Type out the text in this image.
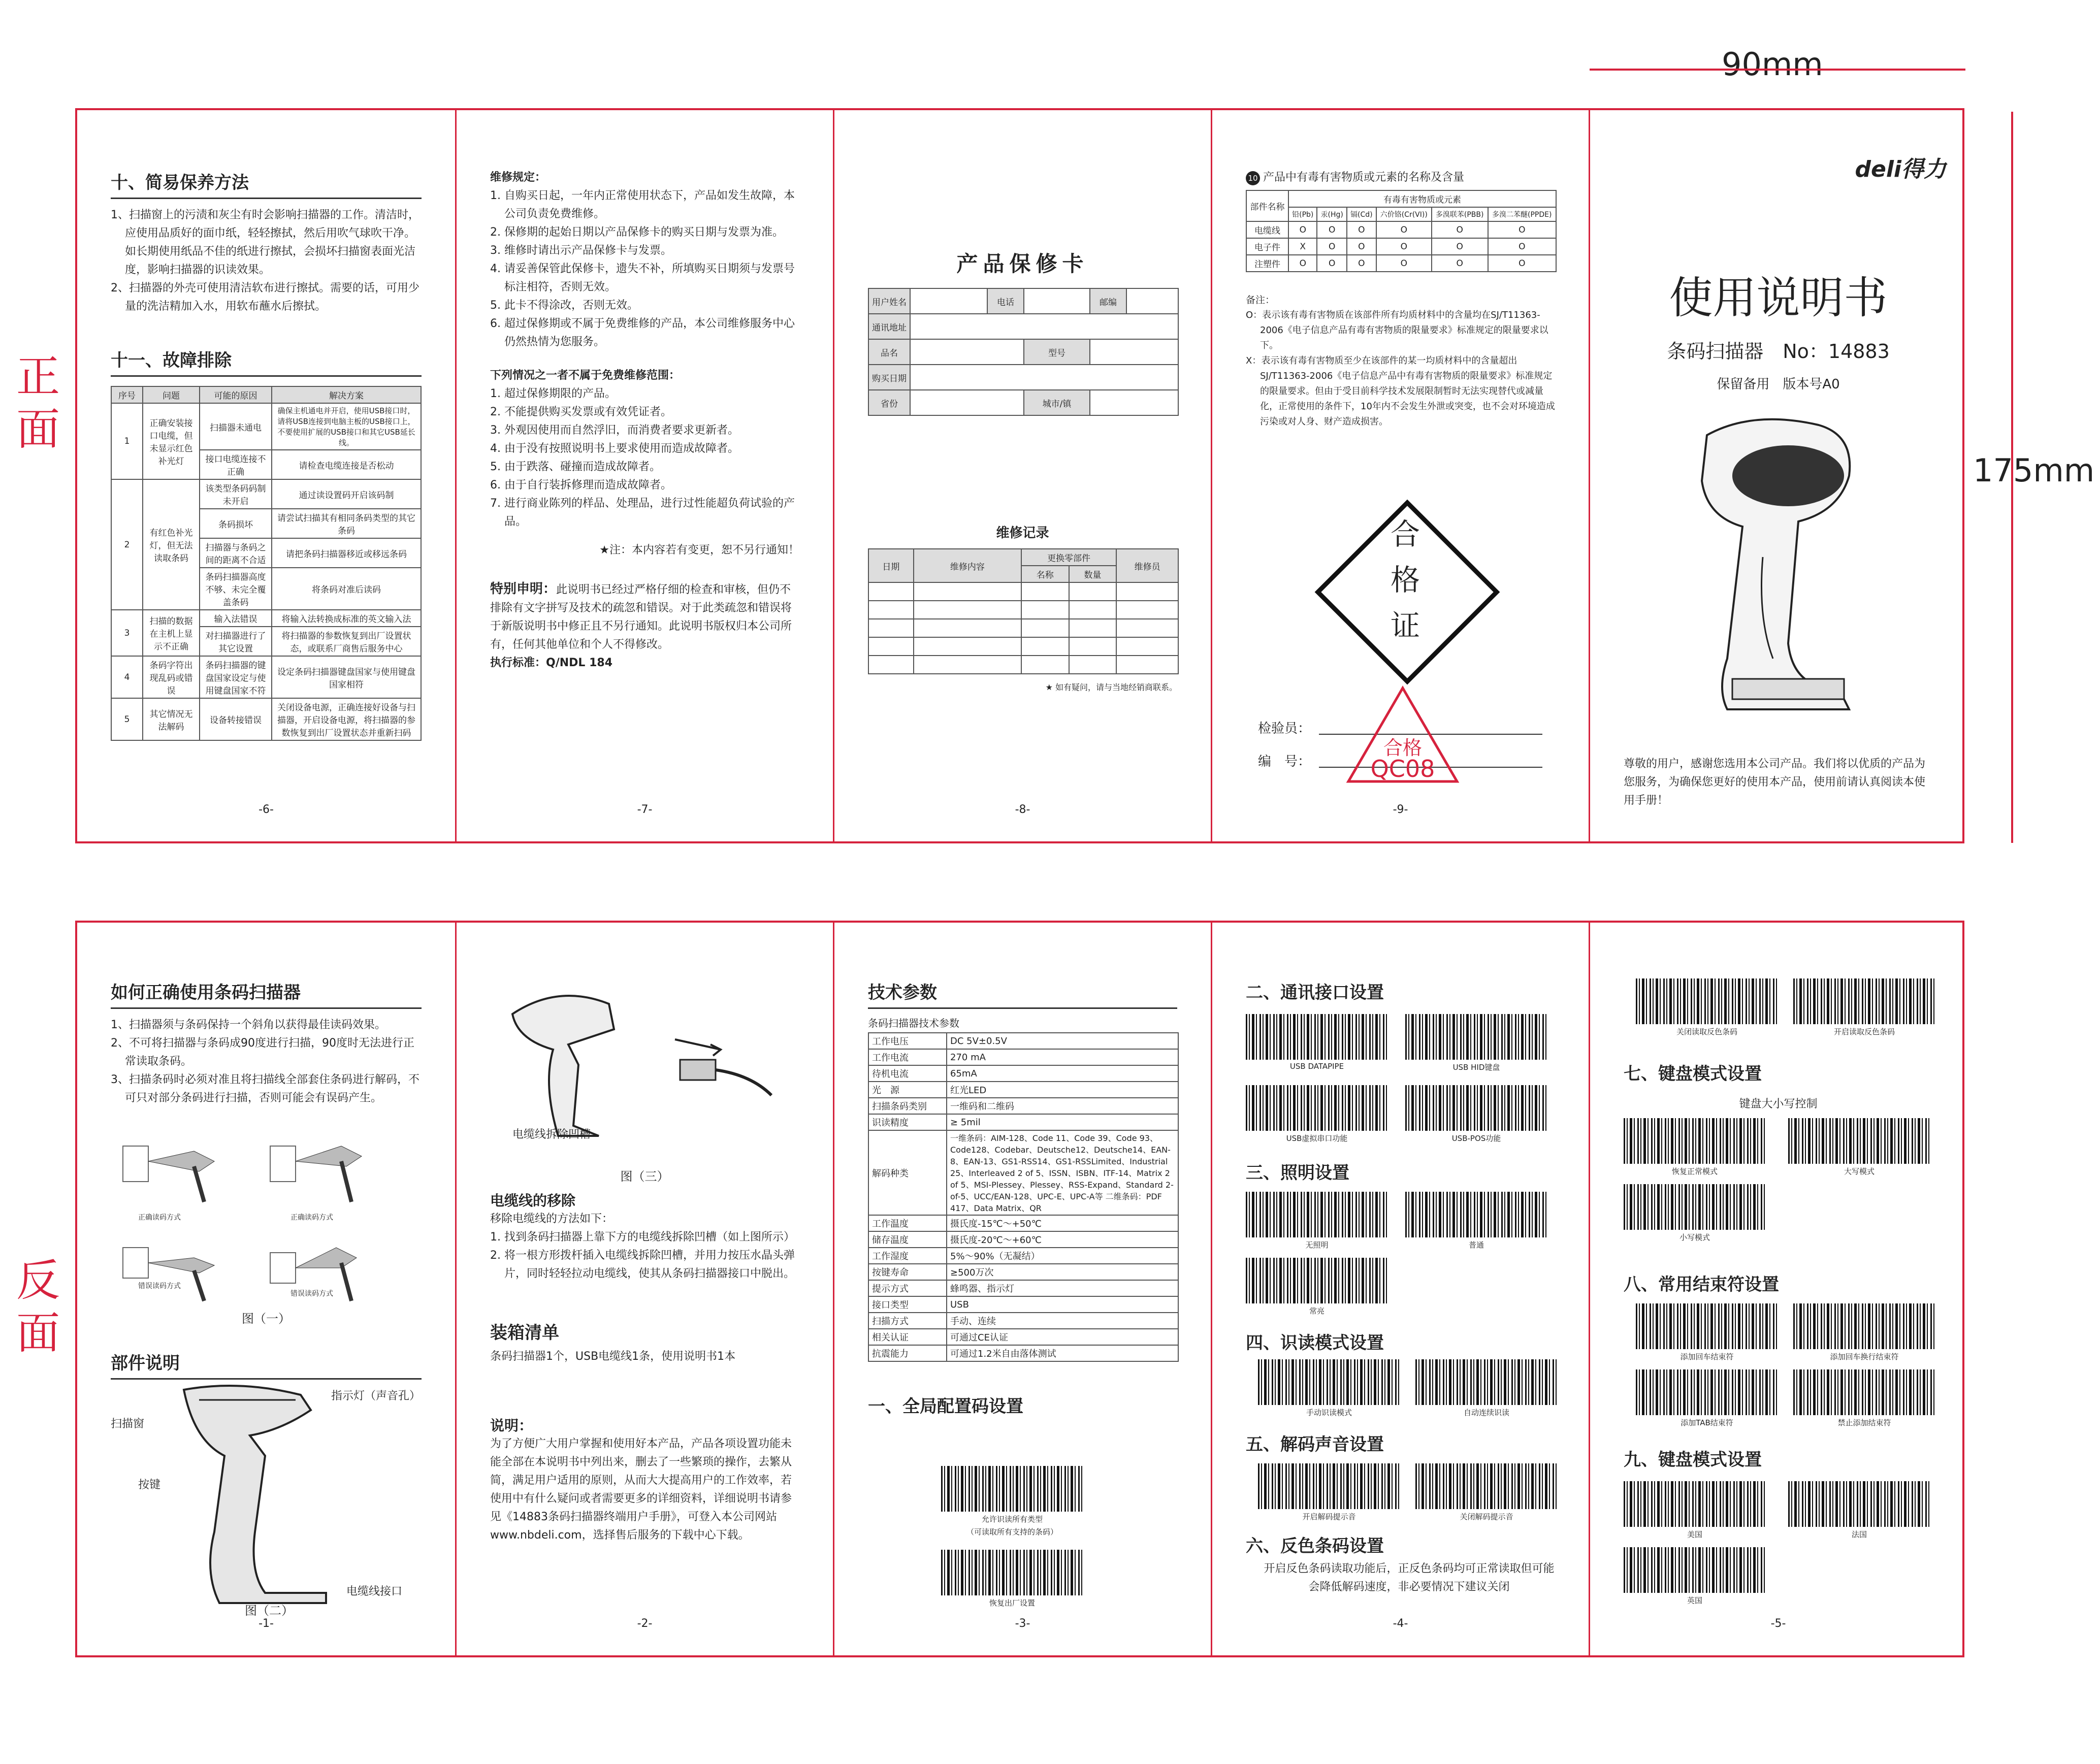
90mm
175mm
正面
反面
十、简易保养方法

1、扫描窗上的污渍和灰尘有时会影响扫描器的工作。清洁时，应使用品质好的面巾纸，轻轻擦拭，然后用吹气球吹干净。如长期使用纸品不佳的纸进行擦拭，会损坏扫描窗表面光洁度，影响扫描器的识读效果。

2、扫描器的外壳可使用清洁软布进行擦拭。需要的话，可用少量的洗洁精加入水，用软布蘸水后擦拭。

十一、故障排除
序号	问题	可能的原因	解决方案
1	正确安装接口电缆，但未显示红色补光灯	扫描器未通电	确保主机通电并开启，使用USB接口时，请将USB连接到电脑主板的USB接口上，不要使用扩展的USB接口和其它USB延长线。
		接口电缆连接不正确	请检查电缆连接是否松动
2	有红色补光灯，但无法读取条码	该类型条码码制未开启	通过读设置码开启该码制
		条码损坏	请尝试扫描其有相同条码类型的其它条码
		扫描器与条码之间的距离不合适	请把条码扫描器移近或移远条码
		条码扫描器高度不够、未完全覆盖条码	将条码对准后读码
3	扫描的数据在主机上显示不正确	输入法错误	将输入法转换成标准的英文输入法
		对扫描器进行了其它设置	将扫描器的参数恢复到出厂设置状态，或联系厂商售后服务中心
4	条码字符出现乱码或错误	条码扫描器的键盘国家设定与使用键盘国家不符	设定条码扫描器键盘国家与使用键盘国家相符
5	其它情况无法解码	设备转接错误	关闭设备电源，正确连接好设备与扫描器，开启设备电源，将扫描器的参数恢复到出厂设置状态并重新扫码
-6-

维修规定：

1. 自购买日起，一年内正常使用状态下，产品如发生故障，本公司负责免费维修。

2. 保修期的起始日期以产品保修卡的购买日期与发票为准。

3. 维修时请出示产品保修卡与发票。

4. 请妥善保管此保修卡，遗失不补，所填购买日期须与发票号标注相符，否则无效。

5. 此卡不得涂改，否则无效。

6. 超过保修期或不属于免费维修的产品，本公司维修服务中心仍然热情为您服务。

下列情况之一者不属于免费维修范围：

1. 超过保修期限的产品。

2. 不能提供购买发票或有效凭证者。

3. 外观因使用而自然浮旧，而消费者要求更新者。

4. 由于没有按照说明书上要求使用而造成故障者。

5. 由于跌落、碰撞而造成故障者。

6. 由于自行装拆修理而造成故障者。

7. 进行商业陈列的样品、处理品，进行过性能超负荷试验的产品。

★注：本内容若有变更，恕不另行通知！

特别申明：此说明书已经过严格仔细的检查和审核，但仍不排除有文字拼写及技术的疏忽和错误。对于此类疏忽和错误将于新版说明书中修正且不另行通知。此说明书版权归本公司所有，任何其他单位和个人不得修改。

执行标准：Q/NDL 184

-7-
产品保修卡
用户姓名		电话		邮编	
通讯地址					
品名			型号		
购买日期					
省份			城市/镇		
维修记录
日期	维修内容	更换零部件		维修员
		名称	数量	

★ 如有疑问，请与当地经销商联系。

-8-

10 产品中有毒有害物质或元素的名称及含量

部件名称	有毒有害物质或元素					
	铅(Pb)	汞(Hg)	镉(Cd)	六价铬(Cr(VI))	多溴联苯(PBB)	多溴二苯醚(PPDE)
电缆线	O	O	O	O	O	O
电子件	X	O	O	O	O	O
注塑件	O	O	O	O	O	O

备注：

O：表示该有毒有害物质在该部件所有均质材料中的含量均在SJ/T11363-2006《电子信息产品有毒有害物质的限量要求》标准规定的限量要求以下。

X：表示该有毒有害物质至少在该部件的某一均质材料中的含量超出SJ/T11363-2006《电子信息产品中有毒有害物质的限量要求》标准规定的限量要求。但由于受目前科学技术发展限制暂时无法实现替代或减量化，正常使用的条件下，10年内不会发生外泄或突变，也不会对环境造成污染或对人身、财产造成损害。

合
格
证

检验员：

编　号：

合格
QC08
-9-
deli得力
使用说明书
条码扫描器　No：14883
保留备用　版本号A0

尊敬的用户，感谢您选用本公司产品。我们将以优质的产品为您服务，为确保您更好的使用本产品，使用前请认真阅读本使用手册！

如何正确使用条码扫描器

1、扫描器须与条码保持一个斜角以获得最佳读码效果。

2、不可将扫描器与条码成90度进行扫描，90度时无法进行正常读取条码。

3、扫描条码时必须对准且将扫描线全部套住条码进行解码，不可只对部分条码进行扫描，否则可能会有误码产生。

正确读码方式	正确读码方式
错误读码方式
错误读码方式
图（一）
部件说明
扫描窗
指示灯（声音孔）
按键
电缆线接口
图（二）
-1-
电缆线拆除凹槽
图（三）

电缆线的移除

移除电缆线的方法如下：

1. 找到条码扫描器上靠下方的电缆线拆除凹槽（如上图所示）

2. 将一根方形拨杆插入电缆线拆除凹槽，并用力按压水晶头弹片，同时轻轻拉动电缆线，使其从条码扫描器接口中脱出。

装箱清单

条码扫描器1个，USB电缆线1条，使用说明书1本

说明：

为了方便广大用户掌握和使用好本产品，产品各项设置功能未能全部在本说明书中列出来，删去了一些繁琐的操作，去繁从简，满足用户适用的原则，从而大大提高用户的工作效率，若使用中有什么疑问或者需要更多的详细资料，详细说明书请参见《14883条码扫描器终端用户手册》，可登入本公司网站www.nbdeli.com，选择售后服务的下载中心下载。

-2-
技术参数

条码扫描器技术参数

工作电压	DC 5V±0.5V
工作电流	270 mA
待机电流	65mA
光　源	红光LED
扫描条码类别	一维码和二维码
识读精度	≥ 5mil
解码种类	一维条码：AIM-128、Code 11、Code 39、Code 93、Code128、Codebar、Deutsche12、Deutsche14、EAN-8、EAN-13、GS1-RSS14、GS1-RSSLimited、Industrial 25、Interleaved 2 of 5、ISSN、ISBN、ITF-14、Matrix 2 of 5、MSI-Plessey、Plessey、RSS-Expand、Standard 2-of-5、UCC/EAN-128、UPC-E、UPC-A等 二维条码：PDF 417、Data Matrix、QR
工作温度	摄氏度-15℃～+50℃
储存温度	摄氏度-20℃～+60℃
工作湿度	5%～90%（无凝结）
按键寿命	≥500万次
提示方式	蜂鸣器、指示灯
接口类型	USB
扫描方式	手动、连续
相关认证	可通过CE认证
抗震能力	可通过1.2米自由落体测试
一、全局配置码设置
允许识读所有类型
（可读取所有支持的条码）
恢复出厂设置
-3-
二、通讯接口设置
USB DATAPIPE	USB HID键盘
USB虚拟串口功能	USB-POS功能
三、照明设置
无照明	普通
常亮
四、识读模式设置
手动识读模式	自动连续识读
五、解码声音设置
开启解码提示音	关闭解码提示音
六、反色条码设置

开启反色条码读取功能后，正反色条码均可正常读取但可能会降低解码速度，非必要情况下建议关闭

-4-
关闭读取反色条码	开启读取反色条码
七、键盘模式设置

键盘大小写控制

恢复正常模式	大写模式
小写模式
八、常用结束符设置
添加回车结束符	添加回车换行结束符
添加TAB结束符	禁止添加结束符
九、键盘模式设置
美国	法国
英国
-5-
